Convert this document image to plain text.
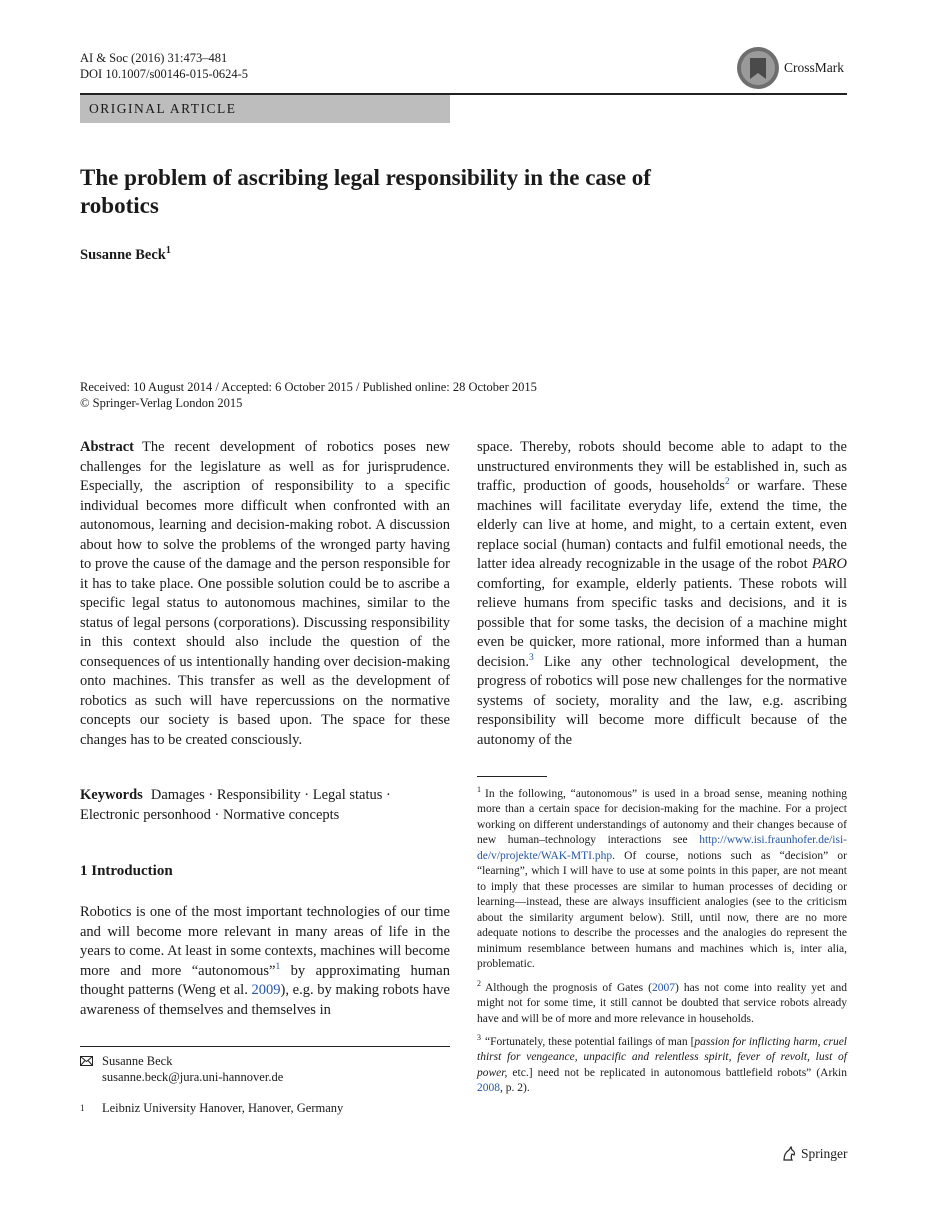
AI & Soc (2016) 31:473–481
DOI 10.1007/s00146-015-0624-5	CrossMark
ORIGINAL ARTICLE
The problem of ascribing legal responsibility in the case of robotics
Susanne Beck$^1$
Received: 10 August 2014 / Accepted: 6 October 2015 / Published online: 28 October 2015
© Springer-Verlag London 2015
Abstract The recent development of robotics poses new challenges for the legislature as well as for jurisprudence. Especially, the ascription of responsibility to a specific individual becomes more difficult when confronted with an autonomous, learning and decision-making robot. A discussion about how to solve the problems of the wronged party having to prove the cause of the damage and the person responsible for it has to take place. One possible solution could be to ascribe a specific legal status to autonomous machines, similar to the status of legal persons (corporations). Discussing responsibility in this context should also include the question of the consequences of us intentionally handing over decision-making onto machines. This transfer as well as the development of robotics as such will have repercussions on the normative concepts our society is based upon. The space for these changes has to be created consciously.
Keywords Damages · Responsibility · Legal status · Electronic personhood · Normative concepts
1 Introduction
Robotics is one of the most important technologies of our time and will become more relevant in many areas of life in the years to come. At least in some contexts, machines will become more and more “autonomous”$^1$ by approximating human thought patterns (Weng et al. 2009), e.g. by making robots have awareness of themselves and themselves in
Susanne Beck
susanne.beck@jura.uni-hannover.de
1	Leibniz University Hanover, Hanover, Germany
space. Thereby, robots should become able to adapt to the unstructured environments they will be established in, such as traffic, production of goods, households$^2$ or warfare. These machines will facilitate everyday life, extend the time, the elderly can live at home, and might, to a certain extent, even replace social (human) contacts and fulfil emotional needs, the latter idea already recognizable in the usage of the robot PARO comforting, for example, elderly patients. These robots will relieve humans from specific tasks and decisions, and it is possible that for some tasks, the decision of a machine might even be quicker, more rational, more informed than a human decision.$^3$ Like any other technological development, the progress of robotics will pose new challenges for the normative systems of society, morality and the law, e.g. ascribing responsibility will become more difficult because of the autonomy of the

$^1$ In the following, “autonomous” is used in a broad sense, meaning nothing more than a certain space for decision-making for the machine. For a project working on different understandings of autonomy and their changes because of new human–technology interactions see http://www.isi.fraunhofer.de/isi-de/v/projekte/WAK-MTI.php. Of course, notions such as “decision” or “learning”, which I will have to use at some points in this paper, are not meant to imply that these processes are similar to human processes of deciding or learning—instead, these are always insufficient analogies (see to the criticism about the similarity argument below). Still, until now, there are no more adequate notions to describe the processes and the analogies do represent the minimum resemblance between humans and machines which is, inter alia, problematic.

$^2$ Although the prognosis of Gates (2007) has not come into reality yet and might not for some time, it still cannot be doubted that service robots already have and will be of more and more relevance in households.

$^3$ “Fortunately, these potential failings of man [passion for inflicting harm, cruel thirst for vengeance, unpacific and relentless spirit, fever of revolt, lust of power, etc.] need not be replicated in autonomous battlefield robots” (Arkin 2008, p. 2).

Springer
